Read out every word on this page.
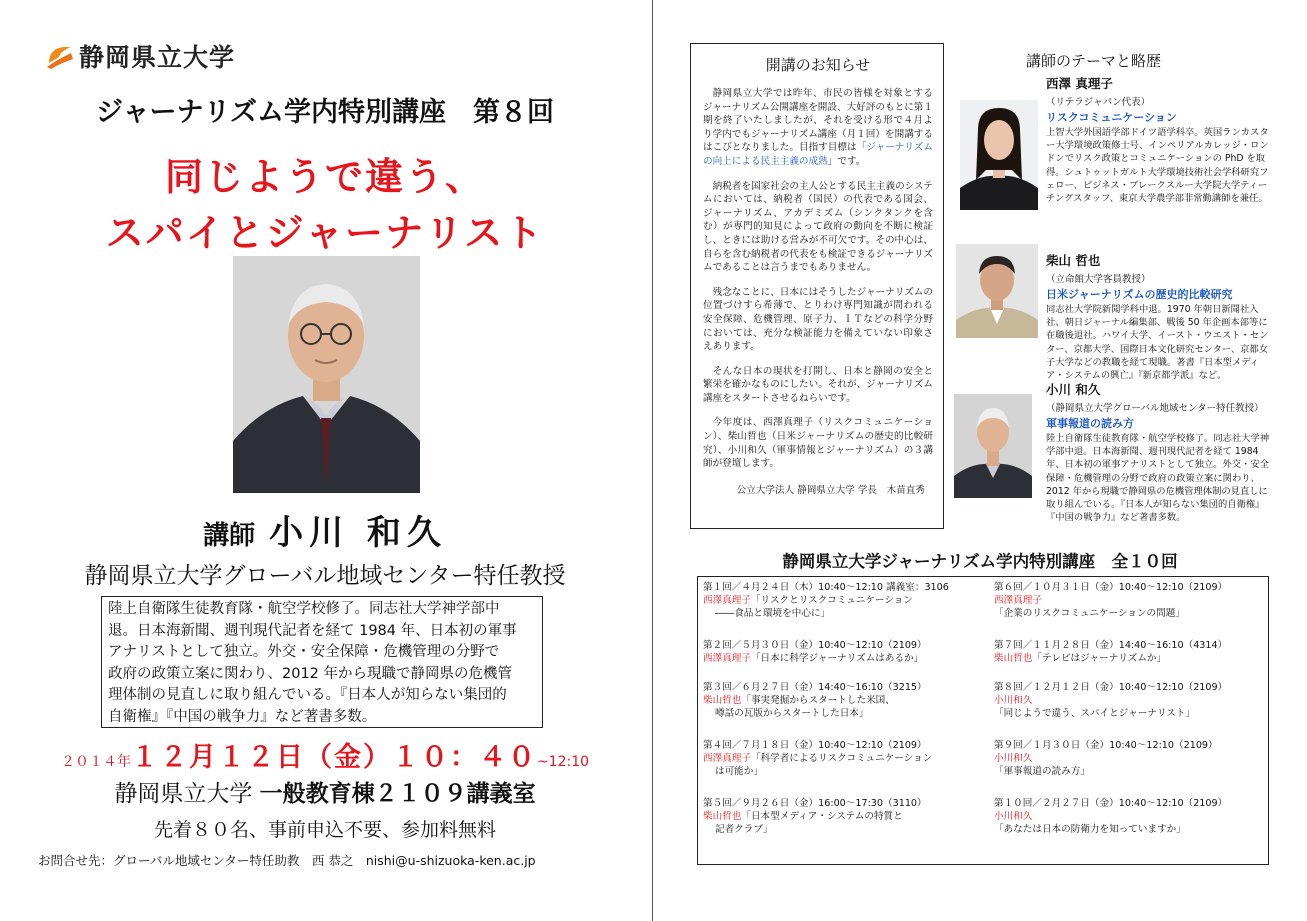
静岡県立大学
ジャーナリズム学内特別講座　第８回
同じようで違う、
スパイとジャーナリスト
講師 小川 和久
静岡県立大学グローバル地域センター特任教授
陸上自衛隊生徒教育隊・航空学校修了。同志社大学神学部中
退。日本海新聞、週刊現代記者を経て 1984 年、日本初の軍事
アナリストとして独立。外交・安全保障・危機管理の分野で
政府の政策立案に関わり、2012 年から現職で静岡県の危機管
理体制の見直しに取り組んでいる。『日本人が知らない集団的
自衛権』『中国の戦争力』など著書多数。
２０１４年１２月１２日（金）１０：４０~12:10
静岡県立大学 一般教育棟２１０９講義室
先着８０名、事前申込不要、参加料無料
お問合せ先：グローバル地域センター特任助教　西 恭之　nishi@u-shizuoka-ken.ac.jp
開講のお知らせ

静岡県立大学では昨年、市民の皆様を対象とするジャーナリズム公開講座を開設、大好評のもとに第１期を終了いたしましたが、それを受ける形で４月より学内でもジャーナリズム講座（月１回）を開講するはこびとなりました。目指す目標は「ジャーナリズムの向上による民主主義の成熟」です。

納税者を国家社会の主人公とする民主主義のシステムにおいては、納税者（国民）の代表である国会、ジャーナリズム、アカデミズム（シンクタンクを含む）が専門的知見によって政府の動向を不断に検証し、ときには助ける営みが不可欠です。その中心は、自らを含む納税者の代表をも検証できるジャーナリズムであることは言うまでもありません。

残念なことに、日本にはそうしたジャーナリズムの位置づけすら希薄で、とりわけ専門知識が問われる安全保障、危機管理、原子力、ＩＴなどの科学分野においては、充分な検証能力を備えていない印象さえあります。

そんな日本の現状を打開し、日本と静岡の安全と繁栄を確かなものにしたい。それが、ジャーナリズム講座をスタートさせるねらいです。

今年度は、西澤真理子（リスクコミュニケーション）、柴山哲也（日米ジャーナリズムの歴史的比較研究）、小川和久（軍事情報とジャーナリズム）の３講師が登壇します。

公立大学法人 静岡県立大学 学長　木苗直秀
講師のテーマと略歴
西澤 真理子
（リテラジャパン代表）
リスクコミュニケーション
上智大学外国語学部ドイツ語学科卒。英国ランカスター大学環境政策修士号、インペリアルカレッジ・ロンドンでリスク政策とコミュニケーションの PhD を取得。シュトゥットガルト大学環境技術社会学科研究フェロー、ビジネス・ブレークスルー大学院大学ティーチングスタッフ、東京大学農学部非常勤講師を兼任。
柴山 哲也
（立命館大学客員教授）
日米ジャーナリズムの歴史的比較研究
同志社大学院新聞学科中退。1970 年朝日新聞社入社、朝日ジャーナル編集部、戦後 50 年企画本部等に在職後退社。ハワイ大学、イースト・ウエスト・センター、京都大学、国際日本文化研究センター、京都女子大学などの教職を経て現職。著書『日本型メディア・システムの興亡』『新京都学派』など。
小川 和久
（静岡県立大学グローバル地域センター特任教授）
軍事報道の読み方
陸上自衛隊生徒教育隊・航空学校修了。同志社大学神学部中退。日本海新聞、週刊現代記者を経て 1984 年、日本初の軍事アナリストとして独立。外交・安全保障・危機管理の分野で政府の政策立案に関わり、2012 年から現職で静岡県の危機管理体制の見直しに取り組んでいる。『日本人が知らない集団的自衛権』『中国の戦争力』など著書多数。
静岡県立大学ジャーナリズム学内特別講座　全１０回
第１回／４月２４日（木）10:40～12:10 講義室：3106
西澤真理子「リスクとリスクコミュニケーション
――食品と環境を中心に」
第２回／５月３０日（金）10:40～12:10（2109）
西澤真理子「日本に科学ジャーナリズムはあるか」
第３回／６月２７日（金）14:40～16:10（3215）
柴山哲也「事実発掘からスタートした米国、
噂話の瓦版からスタートした日本」
第４回／７月１８日（金）10:40～12:10（2109）
西澤真理子「科学者によるリスクコミュニケーション
は可能か」
第５回／９月２６日（金）16:00～17:30（3110）
柴山哲也「日本型メディア・システムの特質と
記者クラブ」
第６回／１０月３１日（金）10:40～12:10（2109）
西澤真理子
「企業のリスクコミュニケーションの問題」
第７回／１１月２８日（金）14:40～16:10（4314）
柴山哲也「テレビはジャーナリズムか」
第８回／１２月１２日（金）10:40～12:10（2109）
小川和久
「同じようで違う、スパイとジャーナリスト」
第９回／１月３０日（金）10:40～12:10（2109）
小川和久
「軍事報道の読み方」
第１０回／２月２７日（金）10:40～12:10（2109）
小川和久
「あなたは日本の防衛力を知っていますか」
